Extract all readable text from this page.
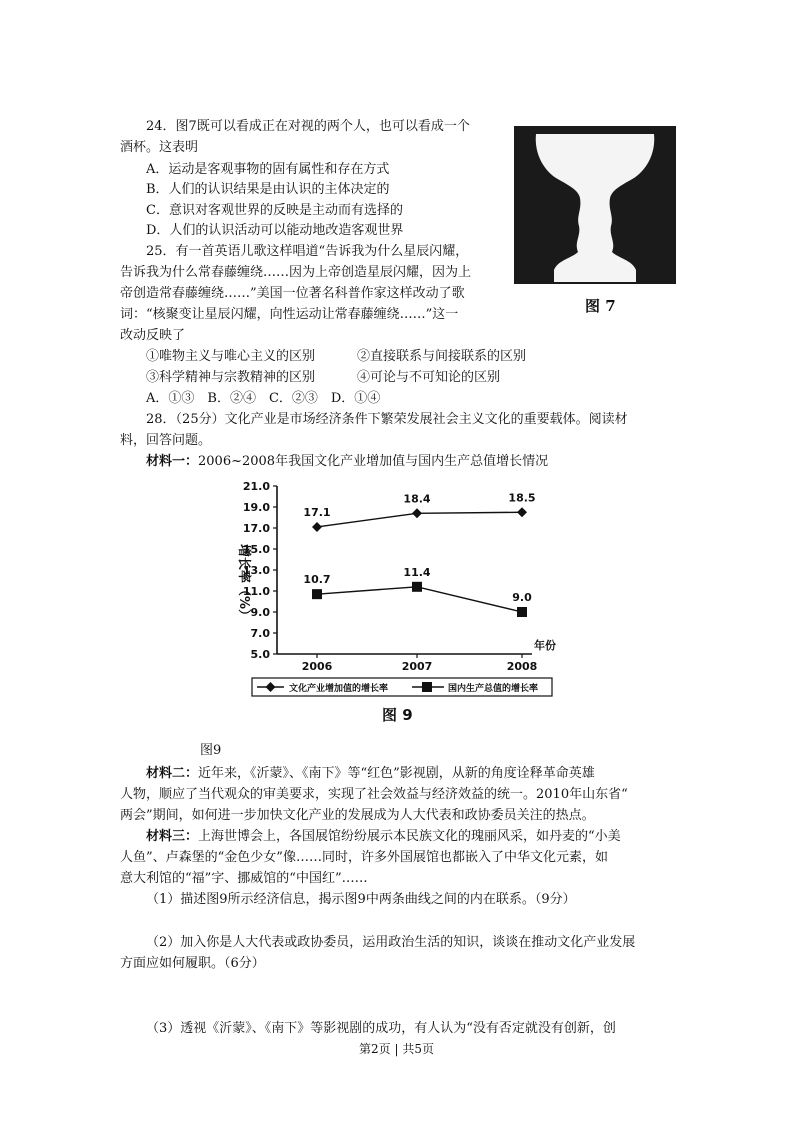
24．图7既可以看成正在对视的两个人，也可以看成一个
酒杯。这表明
A．运动是客观事物的固有属性和存在方式
B．人们的认识结果是由认识的主体决定的
C．意识对客观世界的反映是主动而有选择的
D．人们的认识活动可以能动地改造客观世界
图 7
25．有一首英语儿歌这样唱道“告诉我为什么星辰闪耀，
告诉我为什么常春藤缠绕……因为上帝创造星辰闪耀，因为上
帝创造常春藤缠绕……”美国一位著名科普作家这样改动了歌
词：“核聚变让星辰闪耀，向性运动让常春藤缠绕……”这一
改动反映了
①唯物主义与唯心主义的区别	②直接联系与间接联系的区别
③科学精神与宗教精神的区别	④可论与不可知论的区别
A．①③　B．②④　C．②③　D．①④
28．（25分）文化产业是市场经济条件下繁荣发展社会主义文化的重要载体。阅读材
料，回答问题。
材料一：2006~2008年我国文化产业增加值与国内生产总值增长情况
5.0
7.0
9.0
11.0
13.0
15.0
17.0
19.0
21.0
增长率（%）
年份
2006	2007	2008
17.1
18.4	18.5
10.7
11.4
9.0
文化产业增加值的增长率	国内生产总值的增长率
图 9
图9
材料二：近年来，《沂蒙》、《南下》等“红色”影视剧，从新的角度诠释革命英雄
人物，顺应了当代观众的审美要求，实现了社会效益与经济效益的统一。2010年山东省“
两会”期间，如何进一步加快文化产业的发展成为人大代表和政协委员关注的热点。
材料三：上海世博会上，各国展馆纷纷展示本民族文化的瑰丽风采，如丹麦的“小美
人鱼”、卢森堡的“金色少女”像……同时，许多外国展馆也都嵌入了中华文化元素，如
意大利馆的“福”字、挪威馆的“中国红”……
（1）描述图9所示经济信息，揭示图9中两条曲线之间的内在联系。（9分）
（2）加入你是人大代表或政协委员，运用政治生活的知识，谈谈在推动文化产业发展
方面应如何履职。（6分）
（3）透视《沂蒙》、《南下》等影视剧的成功，有人认为“没有否定就没有创新，创
第2页 | 共5页
